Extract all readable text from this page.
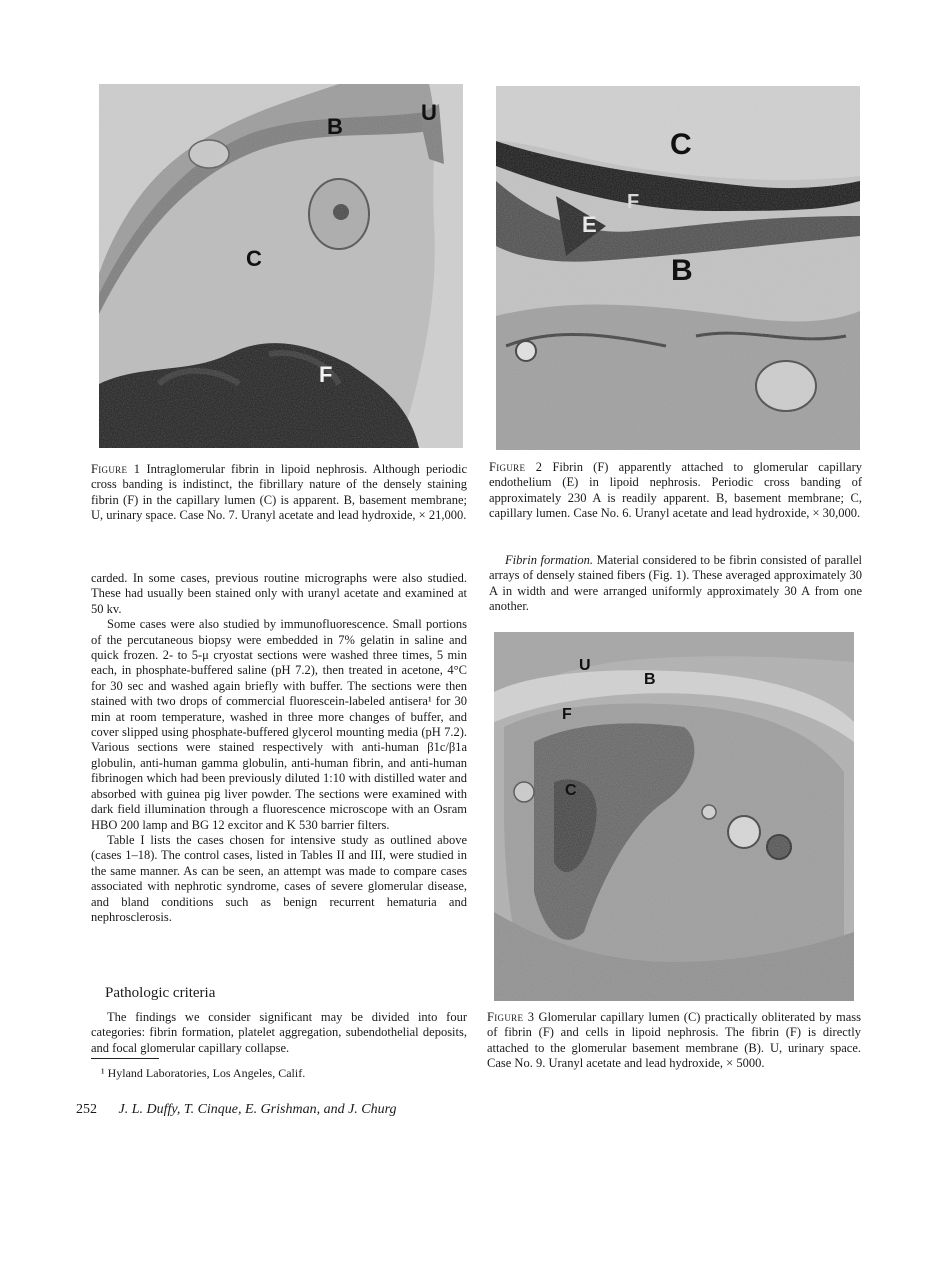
B
U
C
F
C
F
E
B
Figure 1 Intraglomerular fibrin in lipoid nephrosis. Although periodic cross banding is indistinct, the fibrillary nature of the densely staining fibrin (F) in the capillary lumen (C) is apparent. B, basement membrane; U, urinary space. Case No. 7. Uranyl acetate and lead hydroxide, × 21,000.
Figure 2 Fibrin (F) apparently attached to glomerular capillary endothelium (E) in lipoid nephrosis. Periodic cross banding of approximately 230 A is readily apparent. B, basement membrane; C, capillary lumen. Case No. 6. Uranyl acetate and lead hydroxide, × 30,000.

carded. In some cases, previous routine micrographs were also studied. These had usually been stained only with uranyl acetate and examined at 50 kv.

Some cases were also studied by immunofluorescence. Small portions of the percutaneous biopsy were embedded in 7% gelatin in saline and quick frozen. 2- to 5-μ cryostat sections were washed three times, 5 min each, in phosphate-buffered saline (pH 7.2), then treated in acetone, 4°C for 30 sec and washed again briefly with buffer. The sections were then stained with two drops of commercial fluorescein-labeled antisera¹ for 30 min at room temperature, washed in three more changes of buffer, and cover slipped using phosphate-buffered glycerol mounting media (pH 7.2). Various sections were stained respectively with anti-human β1c/β1a globulin, anti-human gamma globulin, anti-human fibrin, and anti-human fibrinogen which had been previously diluted 1:10 with distilled water and absorbed with guinea pig liver powder. The sections were examined with dark field illumination through a fluorescence microscope with an Osram HBO 200 lamp and BG 12 excitor and K 530 barrier filters.

Table I lists the cases chosen for intensive study as outlined above (cases 1–18). The control cases, listed in Tables II and III, were studied in the same manner. As can be seen, an attempt was made to compare cases associated with nephrotic syndrome, cases of severe glomerular disease, and bland conditions such as benign recurrent hematuria and nephrosclerosis.

Pathologic criteria

The findings we consider significant may be divided into four categories: fibrin formation, platelet aggregation, subendothelial deposits, and focal glomerular capillary collapse.

¹ Hyland Laboratories, Los Angeles, Calif.

Fibrin formation. Material considered to be fibrin consisted of parallel arrays of densely stained fibers (Fig. 1). These averaged approximately 30 A in width and were arranged uniformly approximately 30 A from one another.

U
B
F
C
Figure 3 Glomerular capillary lumen (C) practically obliterated by mass of fibrin (F) and cells in lipoid nephrosis. The fibrin (F) is directly attached to the glomerular basement membrane (B). U, urinary space. Case No. 9. Uranyl acetate and lead hydroxide, × 5000.
252 J. L. Duffy, T. Cinque, E. Grishman, and J. Churg
